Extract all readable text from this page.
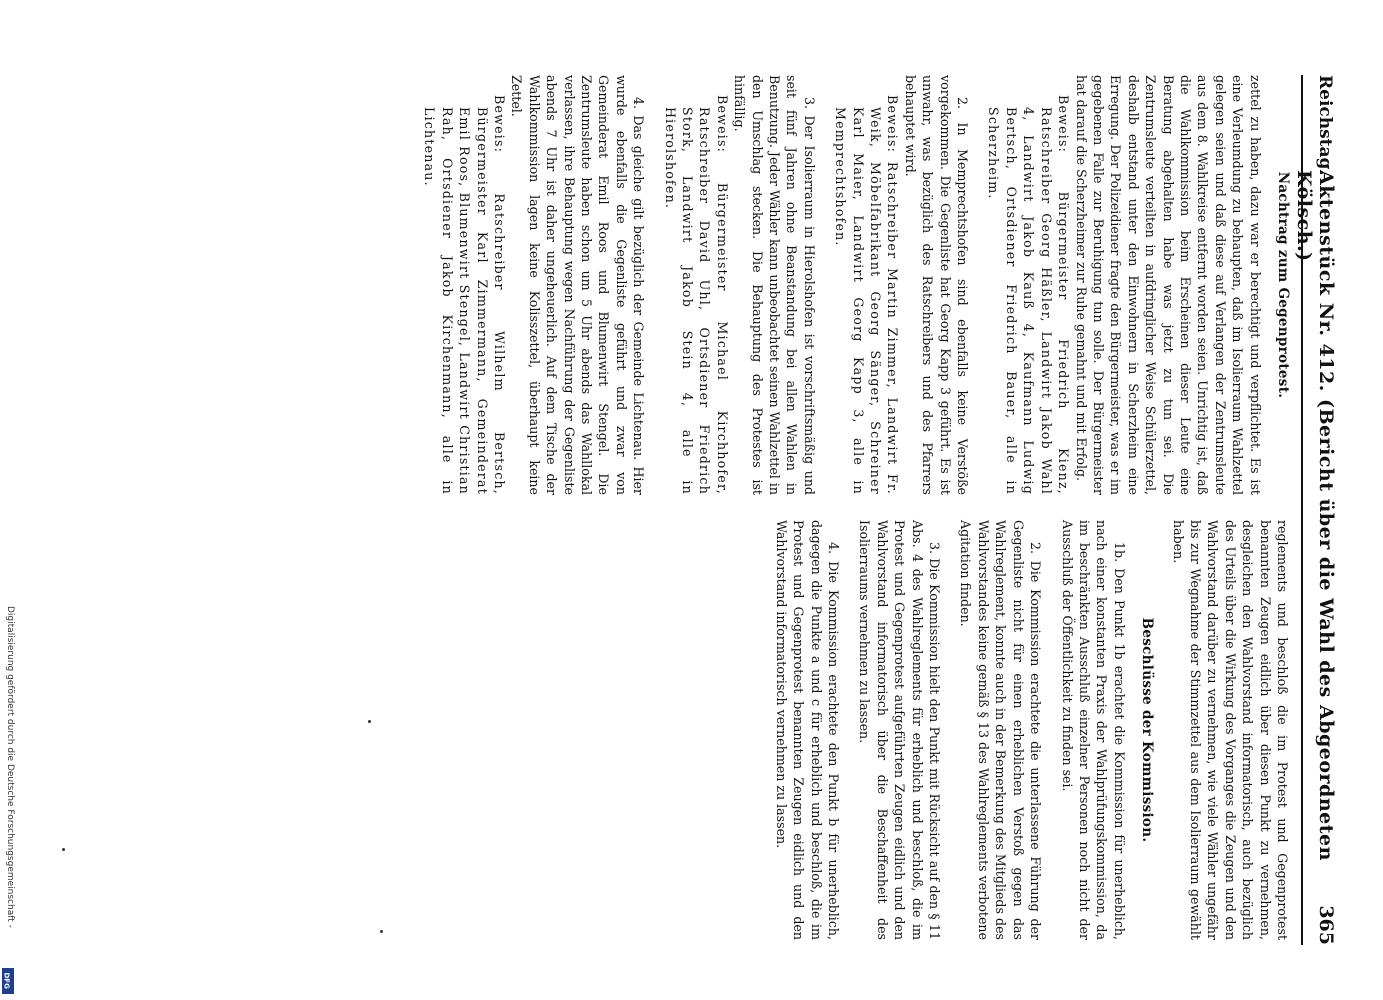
Reichstag.
Aktenstück Nr. 412. (Bericht über die Wahl des Abgeordneten Kölsch.)
365

Nachtrag zum Gegenprotest.

zettel zu haben, dazu war er berechtigt und verpflichtet. Es ist eine Verleumdung zu behaupten, daß im Isolierraum Wahlzettel gelegen seien und daß diese auf Verlangen der Zentrumsleute aus dem 8. Wahlkreise entfernt worden seien. Unrichtig ist, daß die Wahlkommission beim Erscheinen dieser Leute eine Beratung abgehalten habe was jetzt zu tun sei. Die Zentrumsleute verteilten in aufdringlicher Weise Schülerzettel, deshalb entstand unter den Einwohnern in Scherzheim eine Erregung. Der Polizeidiener fragte den Bürgermeister, was er im gegebenen Falle zur Beruhigung tun solle. Der Bürgermeister hat darauf die Scherzheimer zur Ruhe gemahnt und mit Erfolg.

Beweis: Bürgermeister Friedrich Kienz, Ratschreiber Georg Häßler, Landwirt Jakob Wahl 4, Landwirt Jakob Kauß 4, Kaufmann Ludwig Bertsch, Ortsdiener Friedrich Bauer, alle in Scherzheim.

2. In Memprechtshofen sind ebenfalls keine Verstöße vorgekommen. Die Gegenliste hat Georg Kapp 3 geführt. Es ist unwahr, was bezüglich des Ratschreibers und des Pfarrers behauptet wird.

Beweis: Ratschreiber Martin Zimmer, Landwirt Fr. Weik, Möbelfabrikant Georg Sänger, Schreiner Karl Maier, Landwirt Georg Kapp 3, alle in Memprechtshofen.

3. Der Isolierraum in Hierolshofen ist vorschriftsmäßig und seit fünf Jahren ohne Beanstandung bei allen Wahlen in Benutzung. Jeder Wähler kann unbeobachtet seinen Wahlzettel in den Umschlag stecken. Die Behauptung des Protestes ist hinfällig.

Beweis: Bürgermeister Michael Kirchhofer, Ratschreiber David Uhl, Ortsdiener Friedrich Stork, Landwirt Jakob Stein 4, alle in Hierolshofen.

4. Das gleiche gilt bezüglich der Gemeinde Lichtenau. Hier wurde ebenfalls die Gegenliste geführt und zwar von Gemeinderat Emil Roos und Blumenwirt Stengel. Die Zentrumsleute haben schon um 5 Uhr abends das Wahllokal verlassen, ihre Behauptung wegen Nachführung der Gegenliste abends 7 Uhr ist daher ungeheuerlich. Auf dem Tische der Wahlkommission lagen keine Kolisszettel, überhaupt keine Zettel.

Beweis: Ratschreiber Wilhelm Bertsch, Bürgermeister Karl Zimmermann, Gemeinderat Emil Roos, Blumenwirt Stengel, Landwirt Christian Rah, Ortsdiener Jakob Kirchenmann, alle in Lichtenau.

reglements und beschloß die im Protest und Gegenprotest benannten Zeugen eidlich über diesen Punkt zu vernehmen, desgleichen den Wahlvorstand informatorisch, auch bezüglich des Urteils über die Wirkung des Vorganges die Zeugen und den Wahlvorstand darüber zu vernehmen, wie viele Wähler ungefähr bis zur Wegnahme der Stimmzettel aus dem Isolierraum gewählt haben.

Beschlüsse der Kommission.

1b. Den Punkt 1b erachtet die Kommission für unerheblich, nach einer konstanten Praxis der Wahlprüfungskommission, da im beschränkten Ausschluß einzelner Personen noch nicht der Ausschluß der Öffentlichkeit zu finden sei.

2. Die Kommission erachtete die unterlassene Führung der Gegenliste nicht für einen erheblichen Verstoß gegen das Wahlreglement, konnte auch in der Bemerkung des Mitglieds des Wahlvorstandes keine gemäß § 13 des Wahlreglements verbotene Agitation finden.

3. Die Kommission hielt den Punkt mit Rücksicht auf den § 11 Abs. 4 des Wahlreglements für erheblich und beschloß, die im Protest und Gegenprotest aufgeführten Zeugen eidlich und den Wahlvorstand informatorisch über die Beschaffenheit des Isolierraums vernehmen zu lassen.

4. Die Kommission erachtete den Punkt b für unerheblich, dagegen die Punkte a und c für erheblich und beschloß, die im Protest und Gegenprotest benannten Zeugen eidlich und den Wahlvorstand informatorisch vernehmen zu lassen.

Digitalisierung gefördert durch die Deutsche Forschungsgemeinschaft -
DFG
